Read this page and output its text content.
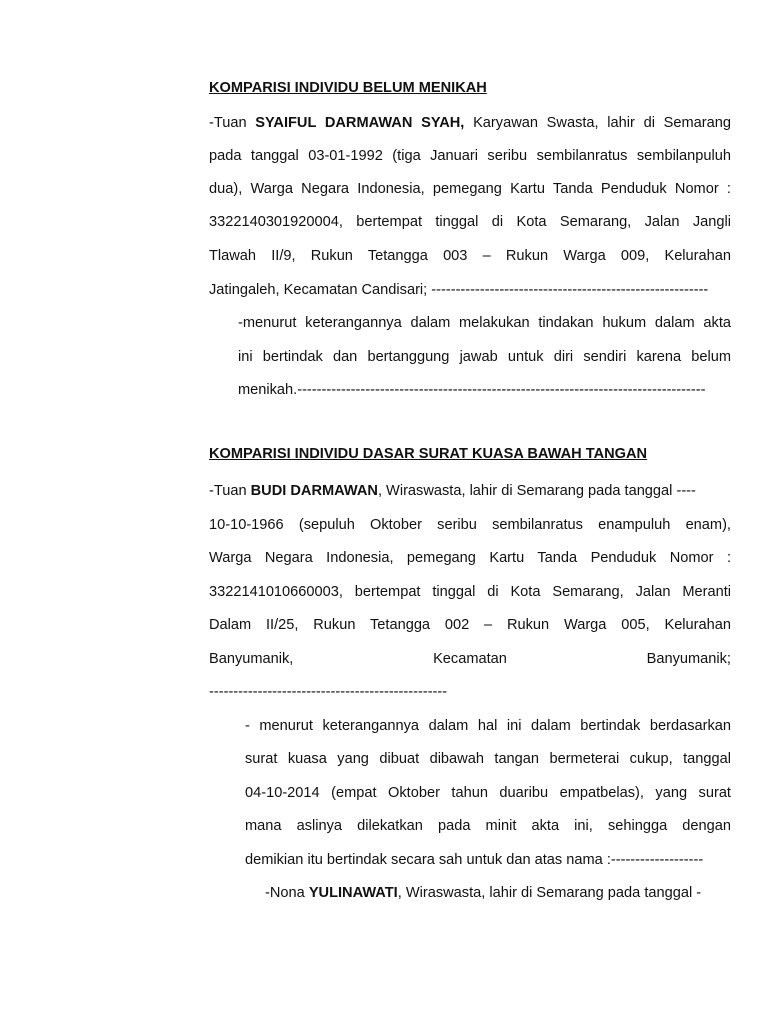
KOMPARISI INDIVIDU BELUM MENIKAH
-Tuan SYAIFUL DARMAWAN SYAH, Karyawan Swasta, lahir di Semarang
pada tanggal 03-01-1992 (tiga Januari seribu sembilanratus sembilanpuluh
dua), Warga Negara Indonesia, pemegang Kartu Tanda Penduduk Nomor :
3322140301920004, bertempat tinggal di Kota Semarang, Jalan Jangli
Tlawah II/9, Rukun Tetangga 003 – Rukun Warga 009, Kelurahan
Jatingaleh, Kecamatan Candisari; ---------------------------------------------------------
-menurut keterangannya dalam melakukan tindakan hukum dalam akta
ini bertindak dan bertanggung jawab untuk diri sendiri karena belum
menikah.------------------------------------------------------------------------------------
KOMPARISI INDIVIDU DASAR SURAT KUASA BAWAH TANGAN
-Tuan BUDI DARMAWAN, Wiraswasta, lahir di Semarang pada tanggal ----
10-10-1966 (sepuluh Oktober seribu sembilanratus enampuluh enam),
Warga Negara Indonesia, pemegang Kartu Tanda Penduduk Nomor :
3322141010660003, bertempat tinggal di Kota Semarang, Jalan Meranti
Dalam II/25, Rukun Tetangga 002 – Rukun Warga 005, Kelurahan
Banyumanik,	Kecamatan	Banyumanik;
-------------------------------------------------
- menurut keterangannya dalam hal ini dalam bertindak berdasarkan
surat kuasa yang dibuat dibawah tangan bermeterai cukup, tanggal
04-10-2014 (empat Oktober tahun duaribu empatbelas), yang surat
mana aslinya dilekatkan pada minit akta ini, sehingga dengan
demikian itu bertindak secara sah untuk dan atas nama :-------------------
-Nona YULINAWATI, Wiraswasta, lahir di Semarang pada tanggal -
